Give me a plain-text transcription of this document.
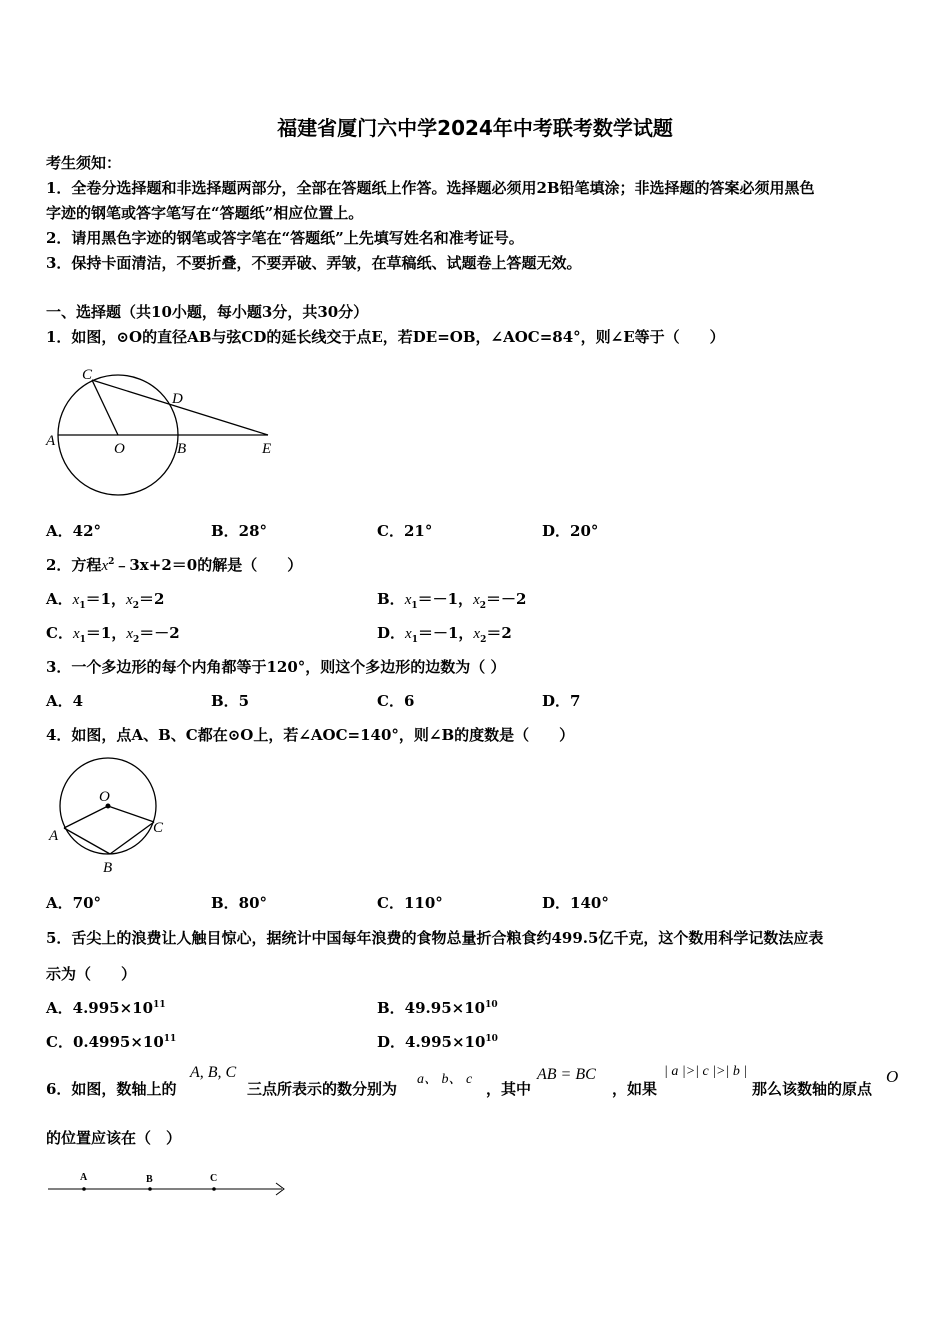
福建省厦门六中学2024年中考联考数学试题
考生须知：
1．全卷分选择题和非选择题两部分，全部在答题纸上作答。选择题必须用2B铅笔填涂；非选择题的答案必须用黑色
字迹的钢笔或答字笔写在“答题纸”相应位置上。
2．请用黑色字迹的钢笔或答字笔在“答题纸”上先填写姓名和准考证号。
3．保持卡面清洁，不要折叠，不要弄破、弄皱，在草稿纸、试题卷上答题无效。
一、选择题（共10小题，每小题3分，共30分）
1．如图，⊙O的直径AB与弦CD的延长线交于点E，若DE=OB，∠AOC=84°，则∠E等于（　　）
C
D
A	O	B	E
A．42°	B．28°	C．21°	D．20°
2．方程$x^2﹣3x+2=0$的解是（　　）
A．$x_1=1$，$x_2=2$	B．$x_1=-1$，$x_2=-2$
C．$x_1=1$，$x_2=-2$	D．$x_1=-1$，$x_2=2$
3．一个多边形的每个内角都等于120°，则这个多边形的边数为（ ）
A．4	B．5	C．6	D．7
4．如图，点A、B、C都在⊙O上，若∠AOC=140°，则∠B的度数是（　　）
O
A
B
C
A．70°	B．80°	C．110°	D．140°
5．舌尖上的浪费让人触目惊心，据统计中国每年浪费的食物总量折合粮食约499.5亿千克，这个数用科学记数法应表
示为（　　）
A．$4.995\times 10^{11}$	B．$49.95\times 10^{10}$
C．$0.4995\times 10^{11}$	D．$4.995\times 10^{10}$
6．如图，数轴上的
A, B, C
三点所表示的数分别为
a、 b、 c
，其中
AB = BC
，如果
| a |>| c |>| b |
那么该数轴的原点
O
的位置应该在（　）
A	B	C
